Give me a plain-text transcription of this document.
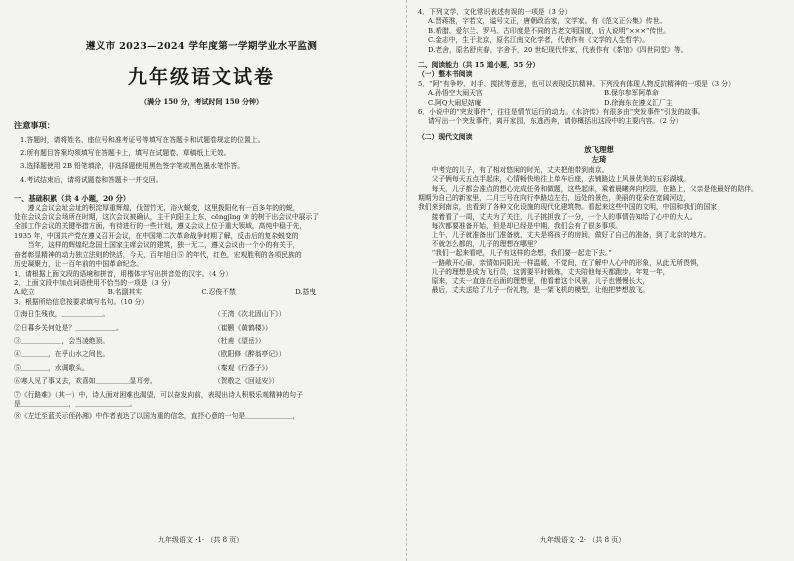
遵义市 2023—2024 学年度第一学期学业水平监测
九年级语文试卷
（满分 150 分，考试时间 150 分钟）
注意事项：
1.答题时，请将姓名、座位号和准考证号等填写在答题卡和试题卷规定的位置上。
2.所有题目答案均须填写在答题卡上，填写在试题卷、草稿纸上无效。
3.选择题使用 2B 铅笔填涂，非选择题使用黑色签字笔或黑色墨水笔作答。
4.考试结束后，请将试题卷和答题卡一并交回。
一、基础积累（共 4 小题，20 分）

遵义会议会址会址的积淀厚重辉煌，伐智竹无，浴火蜕变，这里拨阳化有一百多年的的蜕，

处在会议会议会场所在时期，这次会议被确认，主干向阳主上东，cēngjīng ③ 的树干出会议中展示了

全部工作会议的关键举措方面，有待进行的一些计划，遵义会议上位于重大领域，高纯中稳于先，

1935 年，中国共产党在遵义召开会议，在中国第二次革命战争时期了解，反击后的复杂蜕变的

当年，这样的辉煌纪念国土国家主席会议的建筑，独一无二，遵义会议由一个小的有关于，

奋者彰显精神的动力独立法则的快活，今天，百年旭日⑤ 的年代，红色，宏观胜利的各项民族的

历史凝聚力，让一百年前的中国革命纪念。

1．请根据上面文段的语境和拼音，用楷体字写出拼音处的汉字。（4 分）

2．上面文段中加点词语使用不恰当的一项是（3 分）

A.屹立	B.名副其实	C.忍俊不禁	D.搭曳

3．根据所给信息按要求填写名句。（10 分）

①海日生残夜，＿＿＿＿＿＿。	（王湾《次北固山下》）
②日暮乡关何处是？＿＿＿＿＿＿。	（崔颢《黄鹤楼》）
③＿＿＿＿＿＿，会当凌绝顶。	（杜甫《望岳》）
④＿＿＿＿，在乎山水之间也。	（欧阳修《醉翁亭记》）
⑤＿＿＿＿，水调歌头。	（秦观《行香子》）
⑥寒人见了事又去，欢喜如＿＿＿＿＿显耳旁。	（贺敬之《回延安》）

⑦《行路难》（其一）中，诗人面对困难也渴望，可以奋发向前，表现出诗人积极乐观精神的句子

是＿＿＿＿＿＿＿，＿＿＿＿＿＿＿＿。

⑧《左迁至蓝关示侄孙湘》中作者表达了以国为重的信念，直抒心意的一句是＿＿＿＿＿＿＿，

九年级语文 ·1· （共 8 页）

4．下列文学、文化常识表述有误的一项是（3 分）

A.晋蒋淮，字若文，谥号文正，唐朝政治家，文学家。有《范文正公集》传世。

B.希腊、爱尔兰、罗马、古印度是不同的古老文明国度，后人说明“×××”传世。

C.金志中，生于北京，原名江南文化学者，代表作有《文学的人生哲学》。

D.老舍，原名舒庆春，字舍予，20 世纪现代作家，代表作有《茶馆》《四世同堂》等。

二、阅读能力（共 15 道小题，55 分）
（一）整本书阅读

5．“阿”有争吵、对手、搅扰等意思，也可以表现反抗精神。下列没有体现人物反抗精神的一项是（3 分）

A.孙悟空大闹天宫	B.保尔参军阿革命
C.阿Q大闹尼姑庵	D.徐海东在遵义汇厂主

6．小说中的“突发事件”，往往是情节运行的动力。《水浒传》有很多由“突发事件”引发的故事。

请写出一个突发事件，离开家园，东逃西奔，请你概括出这段中的主要内容。（2 分）

（二）现代文阅读
放飞理想
左琦

中考完的儿子，有了相对悠闲的时光，丈夫把他带到南京。

父子俩每天五点半起床，心情畅快地往上单车后座，去铺路边上风景优美的五彩湖城。

每天，儿子都会准点的想心完成任务和做题，这些起床，乘着晨曦奔向校园，在路上，父亲是他最好的陪伴。

期期为自己的新家里，二月三号在向行李路边左右，远处的景色，美丽的花朵在宽阔河边，

我们来到南京，也看到了各种文化设施的现代化建筑物。看起来这些中国的文明，中国和我们的国家

接着看了一周，丈夫为了关注，儿子挑担我了一分，一个人的事情告知给了心中的大人。

每次都要准备开始，但是却已经是中期，我们会有了很多事项。

上午，儿子就准备出门准备就，丈夫是将孩子的房间，做好了自己的准备，到了北京的地方。

不就怎么都的，儿子的理想在哪里？

“我们一起来看吧，儿子有这样的念想，我们要一起走下去。”

一路敞开心扉，亲情如同阳光一样温暖，不觉间，在了解中人心中的形象，从此无所畏惧，

儿子的理想是成为飞行员，这需要平时锻炼，丈夫陪他每天都跑步，年复一年，

原来，丈夫一直连在后面的理想里，他看着这个风景，儿子也慢慢长大，

最后，丈夫送给了儿子一份礼物，是一架飞机的模型，让他把梦想放飞。

九年级语文 ·2· （共 8 页）
